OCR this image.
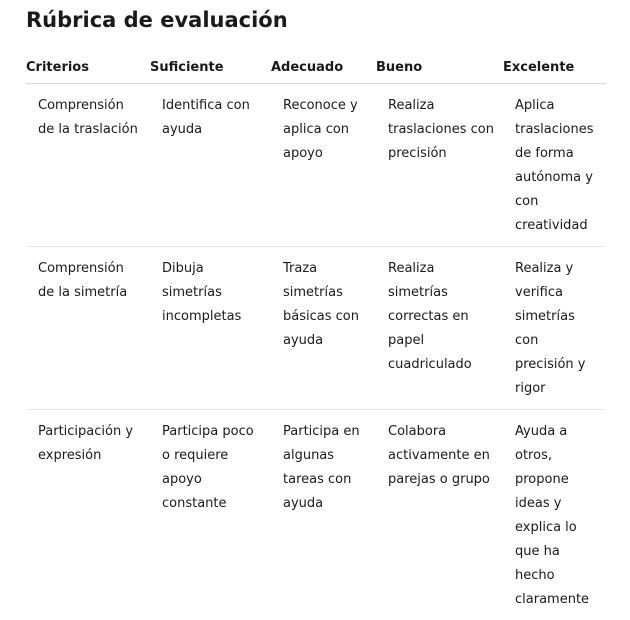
Rúbrica de evaluación
Criterios	Suficiente	Adecuado	Bueno	Excelente
Comprensión de la traslación	Identifica con ayuda	Reconoce y aplica con apoyo	Realiza traslaciones con precisión	Aplica traslaciones de forma autónoma y con creatividad
Comprensión de la simetría	Dibuja simetrías incompletas	Traza simetrías básicas con ayuda	Realiza simetrías correctas en papel cuadriculado	Realiza y verifica simetrías con precisión y rigor
Participación y expresión	Participa poco o requiere apoyo constante	Participa en algunas tareas con ayuda	Colabora activamente en parejas o grupo	Ayuda a otros, propone ideas y explica lo que ha hecho claramente
